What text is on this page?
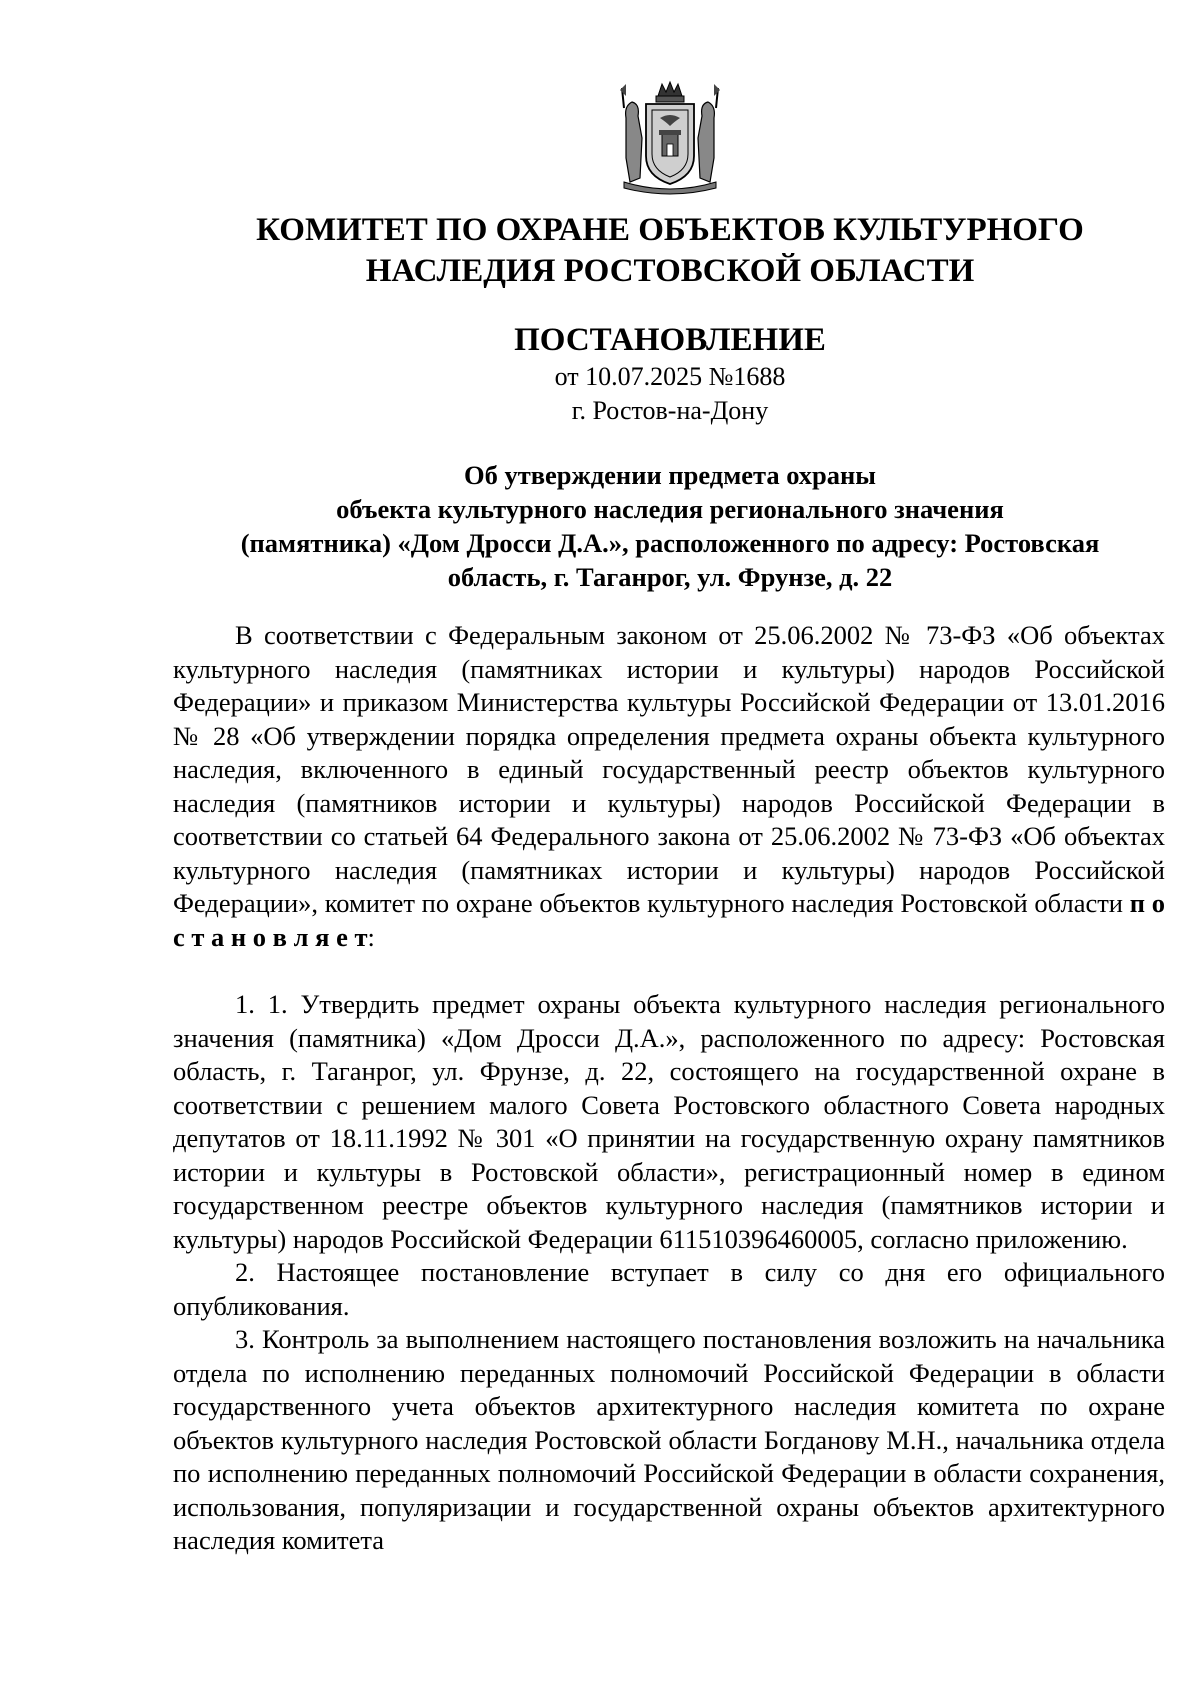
КОМИТЕТ ПО ОХРАНЕ ОБЪЕКТОВ КУЛЬТУРНОГО
НАСЛЕДИЯ РОСТОВСКОЙ ОБЛАСТИ
ПОСТАНОВЛЕНИЕ
от 10.07.2025 №1688
г. Ростов-на-Дону
Об утверждении предмета охраны
объекта культурного наследия регионального значения
(памятника) «Дом Дросси Д.А.», расположенного по адресу: Ростовская
область, г. Таганрог, ул. Фрунзе, д. 22

В соответствии с Федеральным законом от 25.06.2002 № 73-ФЗ «Об объектах культурного наследия (памятниках истории и культуры) народов Российской Федерации» и приказом Министерства культуры Российской Федерации от 13.01.2016 № 28 «Об утверждении порядка определения предмета охраны объекта культурного наследия, включенного в единый государственный реестр объектов культурного наследия (памятников истории и культуры) народов Российской Федерации в соответствии со статьей 64 Федерального закона от 25.06.2002 № 73-ФЗ «Об объектах культурного наследия (памятниках истории и культуры) народов Российской Федерации», комитет по охране объектов культурного наследия Ростовской области п о с т а н о в л я е т:

1. 1. Утвердить предмет охраны объекта культурного наследия регионального значения (памятника) «Дом Дросси Д.А.», расположенного по адресу: Ростовская область, г. Таганрог, ул. Фрунзе, д. 22, состоящего на государственной охране в соответствии с решением малого Совета Ростовского областного Совета народных депутатов от 18.11.1992 № 301 «О принятии на государственную охрану памятников истории и культуры в Ростовской области», регистрационный номер в едином государственном реестре объектов культурного наследия (памятников истории и культуры) народов Российской Федерации 611510396460005, согласно приложению.

2. Настоящее постановление вступает в силу со дня его официального опубликования.

3. Контроль за выполнением настоящего постановления возложить на начальника отдела по исполнению переданных полномочий Российской Федерации в области государственного учета объектов архитектурного наследия комитета по охране объектов культурного наследия Ростовской области Богданову М.Н., начальника отдела по исполнению переданных полномочий Российской Федерации в области сохранения, использования, популяризации и государственной охраны объектов архитектурного наследия комитета
